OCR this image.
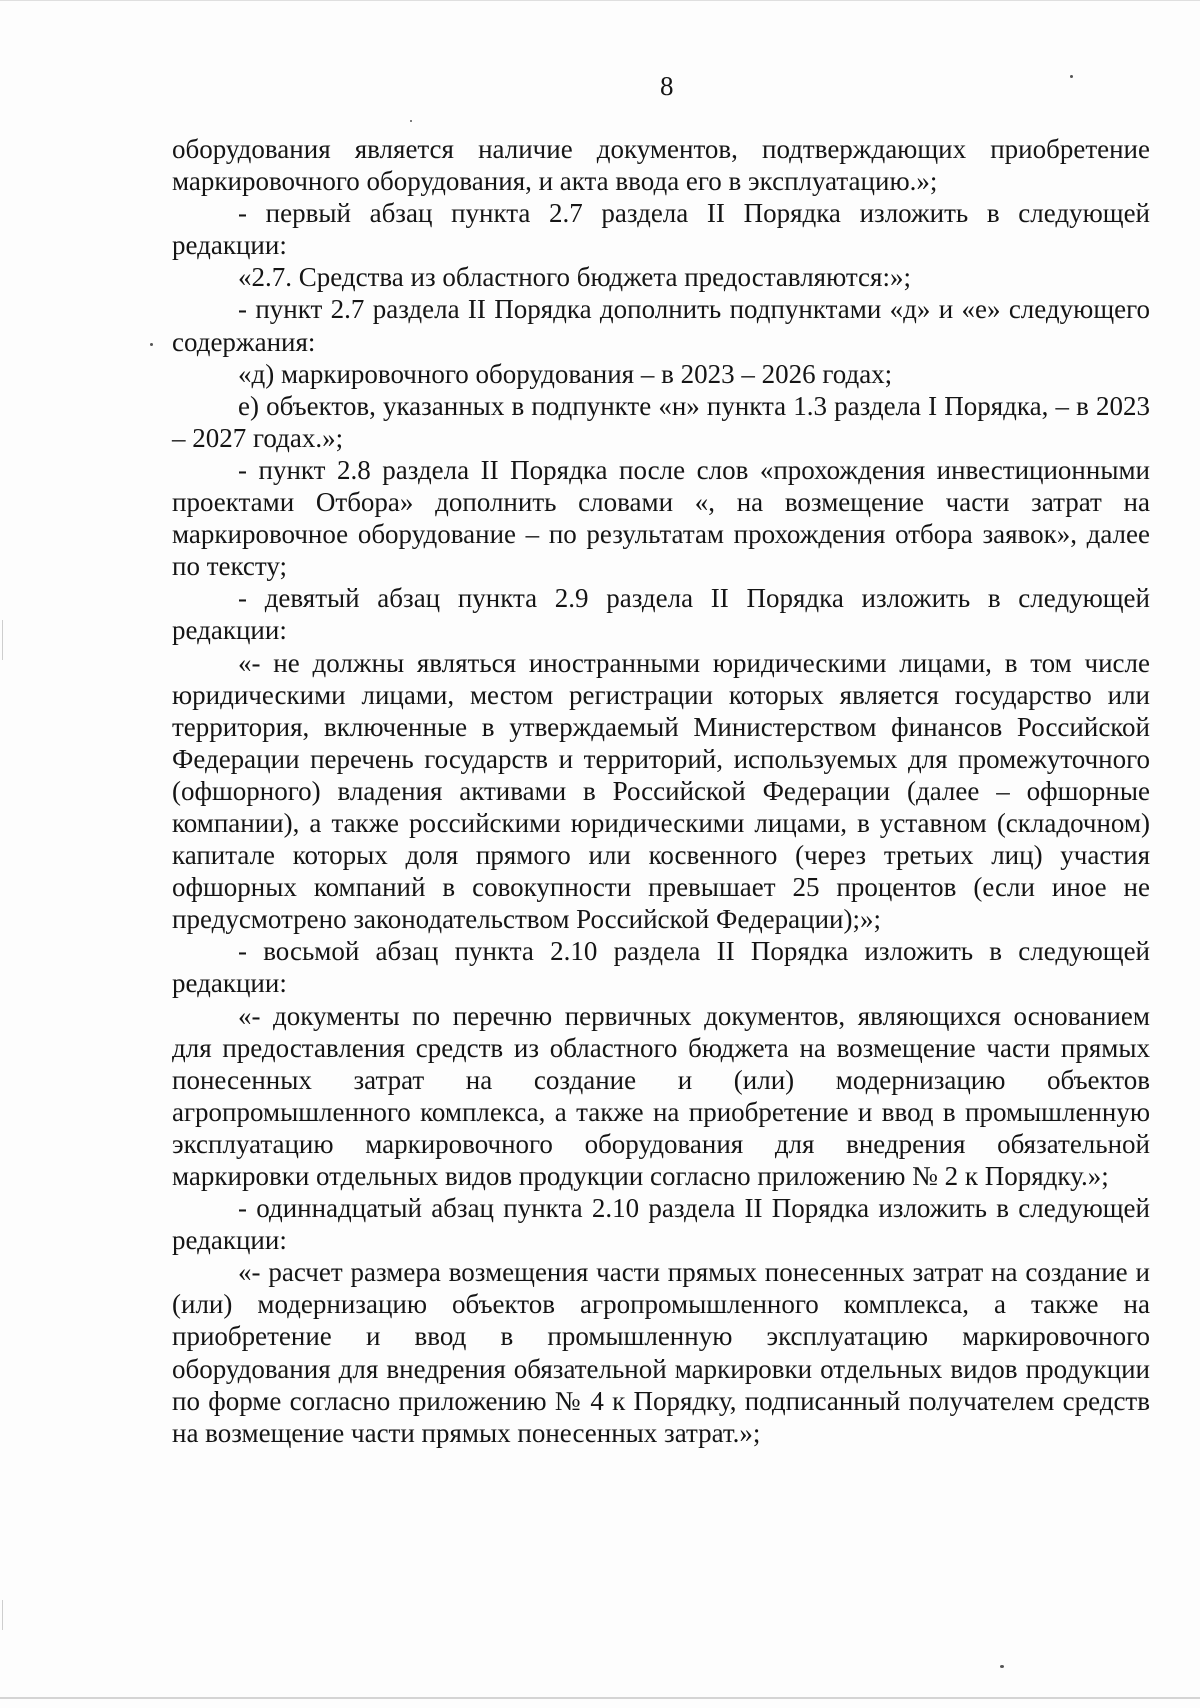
8

оборудования является наличие документов, подтверждающих приобретение маркировочного оборудования, и акта ввода его в эксплуатацию.»;

- первый абзац пункта 2.7 раздела II Порядка изложить в следующей редакции:

«2.7. Средства из областного бюджета предоставляются:»;

- пункт 2.7 раздела II Порядка дополнить подпунктами «д» и «е» следующего содержания:

«д) маркировочного оборудования – в 2023 – 2026 годах;

е) объектов, указанных в подпункте «н» пункта 1.3 раздела I Порядка, – в 2023 – 2027 годах.»;

- пункт 2.8 раздела II Порядка после слов «прохождения инвестиционными проектами Отбора» дополнить словами «, на возмещение части затрат на маркировочное оборудование – по результатам прохождения отбора заявок», далее по тексту;

- девятый абзац пункта 2.9 раздела II Порядка изложить в следующей редакции:

«- не должны являться иностранными юридическими лицами, в том числе юридическими лицами, местом регистрации которых является государство или территория, включенные в утверждаемый Министерством финансов Российской Федерации перечень государств и территорий, используемых для промежуточного (офшорного) владения активами в Российской Федерации (далее – офшорные компании), а также российскими юридическими лицами, в уставном (складочном) капитале которых доля прямого или косвенного (через третьих лиц) участия офшорных компаний в совокупности превышает 25 процентов (если иное не предусмотрено законодательством Российской Федерации);»;

- восьмой абзац пункта 2.10 раздела II Порядка изложить в следующей редакции:

«- документы по перечню первичных документов, являющихся основанием для предоставления средств из областного бюджета на возмещение части прямых понесенных затрат на создание и (или) модернизацию объектов агропромышленного комплекса, а также на приобретение и ввод в промышленную эксплуатацию маркировочного оборудования для внедрения обязательной маркировки отдельных видов продукции согласно приложению № 2 к Порядку.»;

- одиннадцатый абзац пункта 2.10 раздела II Порядка изложить в следующей редакции:

«- расчет размера возмещения части прямых понесенных затрат на создание и (или) модернизацию объектов агропромышленного комплекса, а также на приобретение и ввод в промышленную эксплуатацию маркировочного оборудования для внедрения обязательной маркировки отдельных видов продукции по форме согласно приложению № 4 к Порядку, подписанный получателем средств на возмещение части прямых понесенных затрат.»;
